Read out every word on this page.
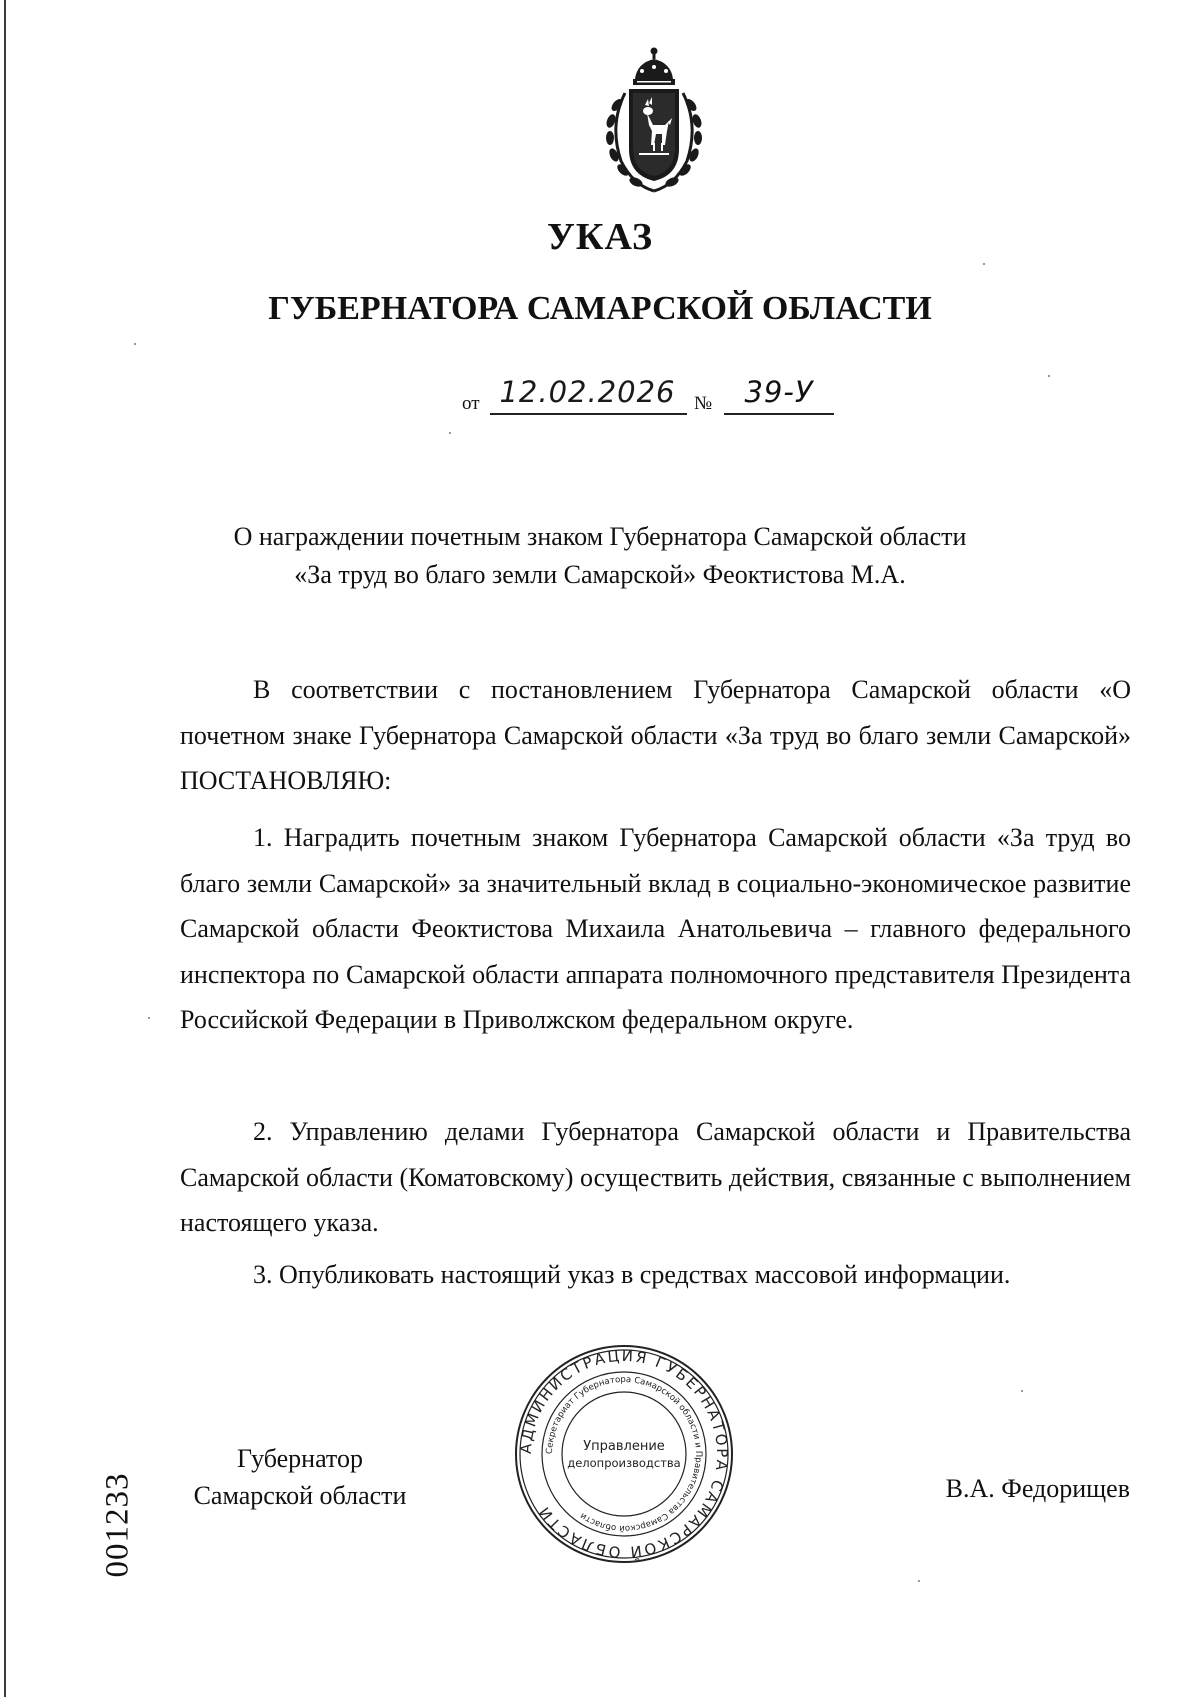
УКАЗ
ГУБЕРНАТОРА САМАРСКОЙ ОБЛАСТИ
от 12.02.2026 №	39-У
О награждении почетным знаком Губернатора Самарской области
«За труд во благо земли Самарской» Феоктистова М.А.

В соответствии с постановлением Губернатора Самарской области «О почетном знаке Губернатора Самарской области «За труд во благо земли Самарской» ПОСТАНОВЛЯЮ:

1. Наградить почетным знаком Губернатора Самарской области «За труд во благо земли Самарской» за значительный вклад в социально-экономическое развитие Самарской области Феоктистова Михаила Анатольевича – главного федерального инспектора по Самарской области аппарата полномочного представителя Президента Российской Федерации в Приволжском федеральном округе.

2. Управлению делами Губернатора Самарской области и Правительства Самарской области (Коматовскому) осуществить действия, связанные с выполнением настоящего указа.

3. Опубликовать настоящий указ в средствах массовой информации.

Губернатор
Самарской области
АДМИНИСТРАЦИЯ ГУБЕРНАТОРА САМАРСКОЙ ОБЛАСТИ
Секретариат Губернатора Самарской области и Правительства Самарской области
Управление
делопроизводства
В.А. Федорищев
001233
